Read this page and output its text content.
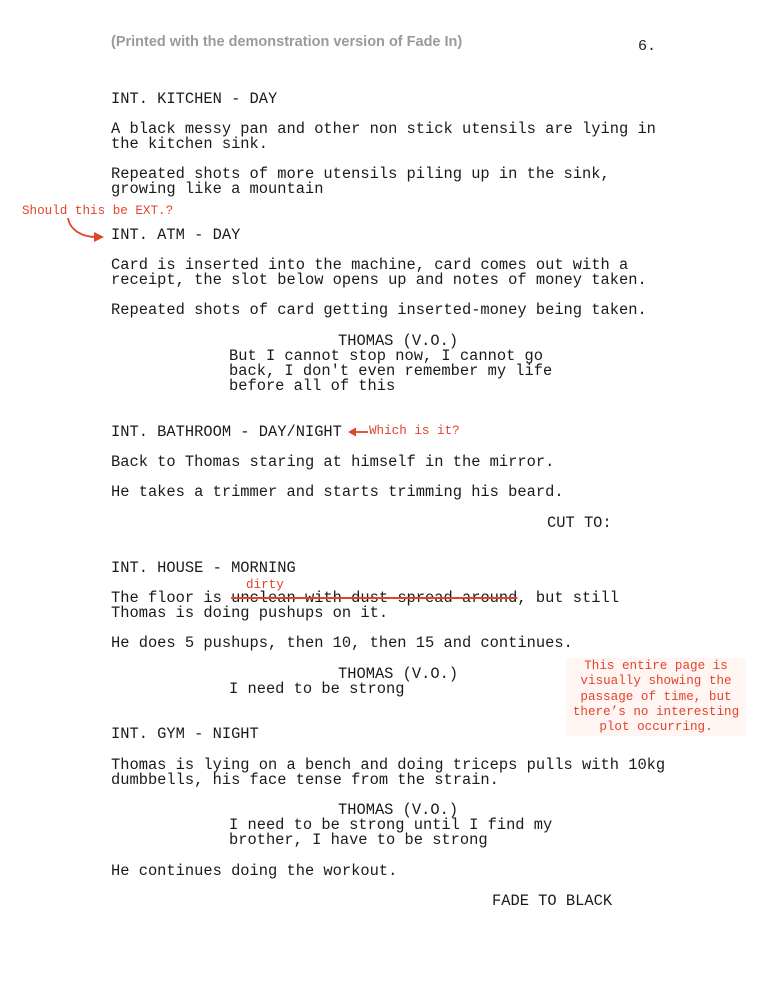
(Printed with the demonstration version of Fade In)	6.
INT. KITCHEN - DAY
A black messy pan and other non stick utensils are lying in
the kitchen sink.
Repeated shots of more utensils piling up in the sink,
growing like a mountain
Should this be EXT.?
INT. ATM - DAY
Card is inserted into the machine, card comes out with a
receipt, the slot below opens up and notes of money taken.
Repeated shots of card getting inserted-money being taken.
THOMAS (V.O.)
But I cannot stop now, I cannot go
back, I don't even remember my life
before all of this
INT. BATHROOM - DAY/NIGHT Which is it?
Back to Thomas staring at himself in the mirror.
He takes a trimmer and starts trimming his beard.
CUT TO:
INT. HOUSE - MORNING
dirty
The floor is unclean with dust spread around, but still
Thomas is doing pushups on it.
He does 5 pushups, then 10, then 15 and continues.
THOMAS (V.O.)
I need to be strong
This entire page is
visually showing the
passage of time, but
there’s no interesting
plot occurring.
INT. GYM - NIGHT
Thomas is lying on a bench and doing triceps pulls with 10kg
dumbbells, his face tense from the strain.
THOMAS (V.O.)
I need to be strong until I find my
brother, I have to be strong
He continues doing the workout.
FADE TO BLACK
